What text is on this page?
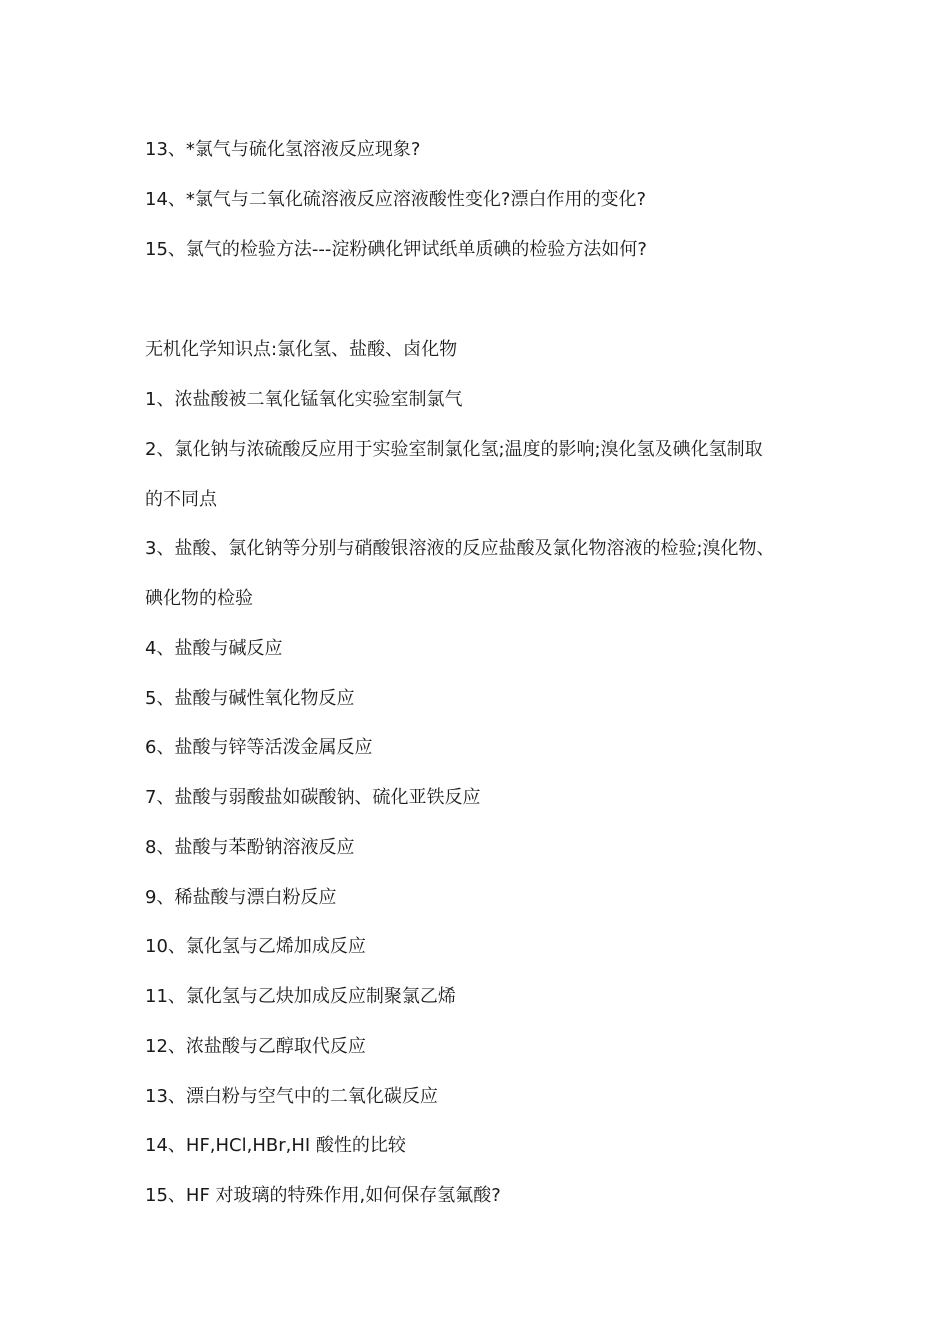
13、*氯气与硫化氢溶液反应现象?
14、*氯气与二氧化硫溶液反应溶液酸性变化?漂白作用的变化?
15、氯气的检验方法---淀粉碘化钾试纸单质碘的检验方法如何?
无机化学知识点:氯化氢、盐酸、卤化物
1、浓盐酸被二氧化锰氧化实验室制氯气
2、氯化钠与浓硫酸反应用于实验室制氯化氢;温度的影响;溴化氢及碘化氢制取
的不同点
3、盐酸、氯化钠等分别与硝酸银溶液的反应盐酸及氯化物溶液的检验;溴化物、
碘化物的检验
4、盐酸与碱反应
5、盐酸与碱性氧化物反应
6、盐酸与锌等活泼金属反应
7、盐酸与弱酸盐如碳酸钠、硫化亚铁反应
8、盐酸与苯酚钠溶液反应
9、稀盐酸与漂白粉反应
10、氯化氢与乙烯加成反应
11、氯化氢与乙炔加成反应制聚氯乙烯
12、浓盐酸与乙醇取代反应
13、漂白粉与空气中的二氧化碳反应
14、HF,HCl,HBr,HI 酸性的比较
15、HF 对玻璃的特殊作用,如何保存氢氟酸?
